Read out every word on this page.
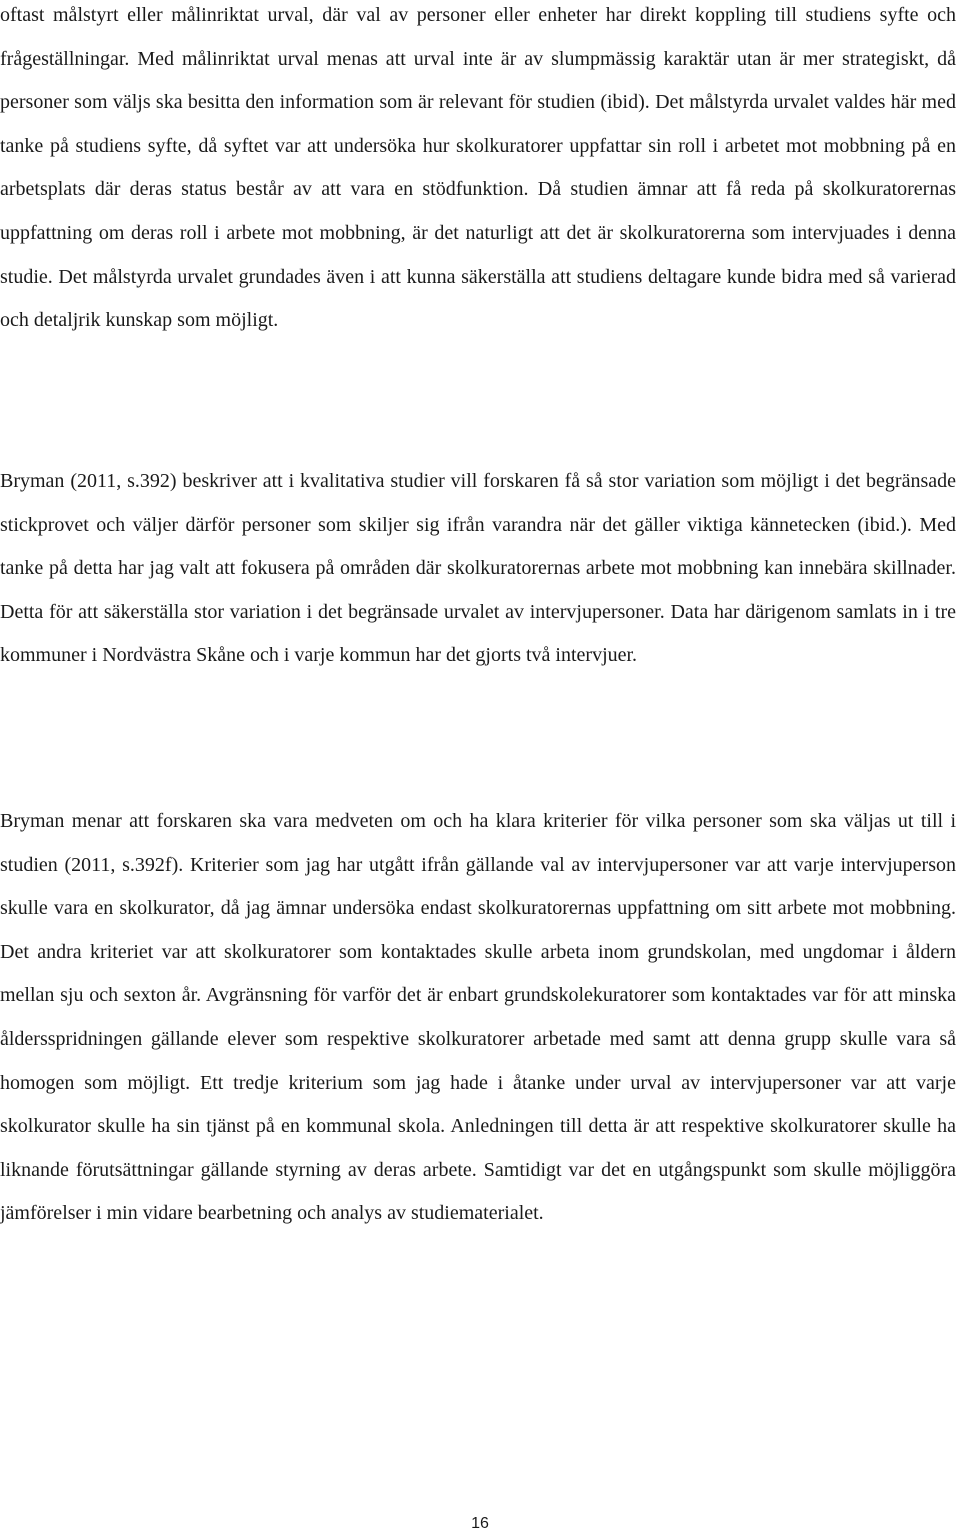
oftast målstyrt eller målinriktat urval, där val av personer eller enheter har direkt koppling till studiens syfte och frågeställningar. Med målinriktat urval menas att urval inte är av slumpmässig karaktär utan är mer strategiskt, då personer som väljs ska besitta den information som är relevant för studien (ibid). Det målstyrda urvalet valdes här med tanke på studiens syfte, då syftet var att undersöka hur skolkuratorer uppfattar sin roll i arbetet mot mobbning på en arbetsplats där deras status består av att vara en stödfunktion. Då studien ämnar att få reda på skolkuratorernas uppfattning om deras roll i arbete mot mobbning, är det naturligt att det är skolkuratorerna som intervjuades i denna studie. Det målstyrda urvalet grundades även i att kunna säkerställa att studiens deltagare kunde bidra med så varierad och detaljrik kunskap som möjligt.

Bryman (2011, s.392) beskriver att i kvalitativa studier vill forskaren få så stor variation som möjligt i det begränsade stickprovet och väljer därför personer som skiljer sig ifrån varandra när det gäller viktiga kännetecken (ibid.). Med tanke på detta har jag valt att fokusera på områden där skolkuratorernas arbete mot mobbning kan innebära skillnader. Detta för att säkerställa stor variation i det begränsade urvalet av intervjupersoner. Data har därigenom samlats in i tre kommuner i Nordvästra Skåne och i varje kommun har det gjorts två intervjuer.

Bryman menar att forskaren ska vara medveten om och ha klara kriterier för vilka personer som ska väljas ut till i studien (2011, s.392f). Kriterier som jag har utgått ifrån gällande val av intervjupersoner var att varje intervjuperson skulle vara en skolkurator, då jag ämnar undersöka endast skolkuratorernas uppfattning om sitt arbete mot mobbning. Det andra kriteriet var att skolkuratorer som kontaktades skulle arbeta inom grundskolan, med ungdomar i åldern mellan sju och sexton år. Avgränsning för varför det är enbart grundskolekuratorer som kontaktades var för att minska åldersspridningen gällande elever som respektive skolkuratorer arbetade med samt att denna grupp skulle vara så homogen som möjligt. Ett tredje kriterium som jag hade i åtanke under urval av intervjupersoner var att varje skolkurator skulle ha sin tjänst på en kommunal skola. Anledningen till detta är att respektive skolkuratorer skulle ha liknande förutsättningar gällande styrning av deras arbete. Samtidigt var det en utgångspunkt som skulle möjliggöra jämförelser i min vidare bearbetning och analys av studiematerialet.

16
